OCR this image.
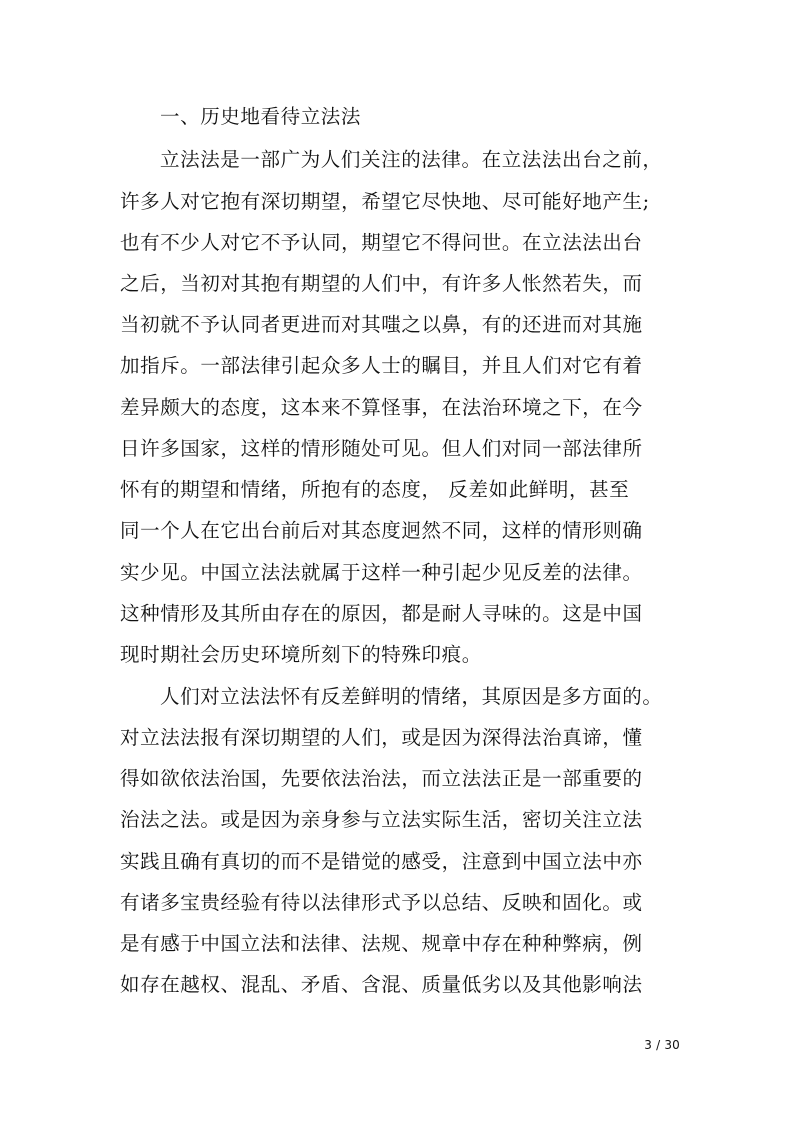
一、历史地看待立法法
立法法是一部广为人们关注的法律。在立法法出台之前，
许多人对它抱有深切期望，希望它尽快地、尽可能好地产生;
也有不少人对它不予认同，期望它不得问世。在立法法出台
之后，当初对其抱有期望的人们中，有许多人怅然若失，而
当初就不予认同者更进而对其嗤之以鼻，有的还进而对其施
加指斥。一部法律引起众多人士的瞩目，并且人们对它有着
差异颇大的态度，这本来不算怪事，在法治环境之下，在今
日许多国家，这样的情形随处可见。但人们对同一部法律所
怀有的期望和情绪，所抱有的态度， 反差如此鲜明，甚至
同一个人在它出台前后对其态度迥然不同，这样的情形则确
实少见。中国立法法就属于这样一种引起少见反差的法律。
这种情形及其所由存在的原因，都是耐人寻味的。这是中国
现时期社会历史环境所刻下的特殊印痕。
人们对立法法怀有反差鲜明的情绪，其原因是多方面的。
对立法法报有深切期望的人们，或是因为深得法治真谛，懂
得如欲依法治国，先要依法治法，而立法法正是一部重要的
治法之法。或是因为亲身参与立法实际生活，密切关注立法
实践且确有真切的而不是错觉的感受，注意到中国立法中亦
有诸多宝贵经验有待以法律形式予以总结、反映和固化。或
是有感于中国立法和法律、法规、规章中存在种种弊病，例
如存在越权、混乱、矛盾、含混、质量低劣以及其他影响法
3 / 30
